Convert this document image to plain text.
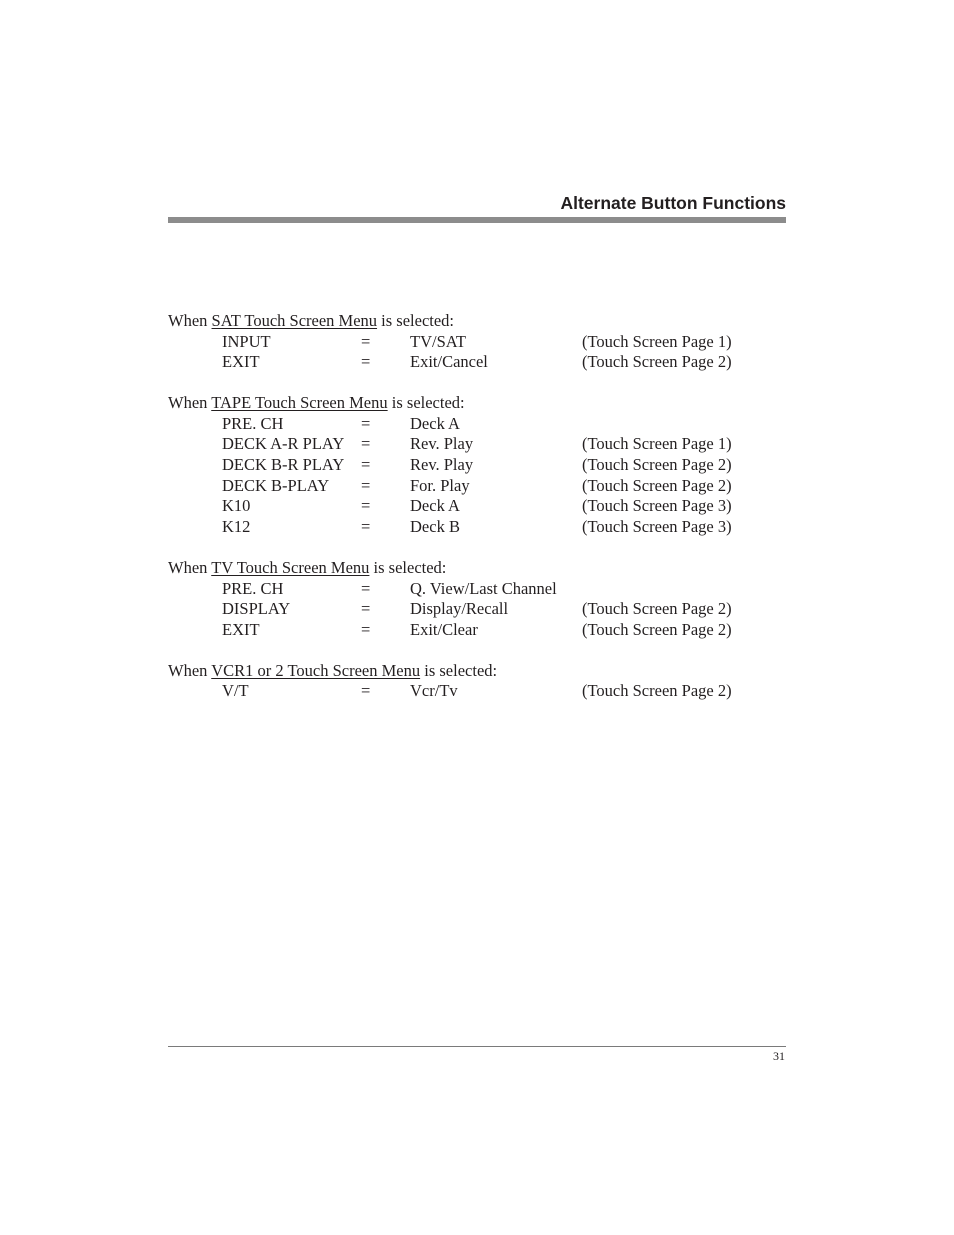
Alternate Button Functions
When SAT Touch Screen Menu is selected:
INPUT	= TV/SAT	(Touch Screen Page 1)
EXIT	= Exit/Cancel	(Touch Screen Page 2)
When TAPE Touch Screen Menu is selected:
PRE. CH	= Deck A
DECK A-R PLAY = Rev. Play	(Touch Screen Page 1)
DECK B-R PLAY = Rev. Play	(Touch Screen Page 2)
DECK B-PLAY = For. Play	(Touch Screen Page 2)
K10	= Deck A	(Touch Screen Page 3)
K12	= Deck B	(Touch Screen Page 3)
When TV Touch Screen Menu is selected:
PRE. CH	= Q. View/Last Channel
DISPLAY	= Display/Recall	(Touch Screen Page 2)
EXIT	= Exit/Clear	(Touch Screen Page 2)
When VCR1 or 2 Touch Screen Menu is selected:
V/T	= Vcr/Tv	(Touch Screen Page 2)
31
